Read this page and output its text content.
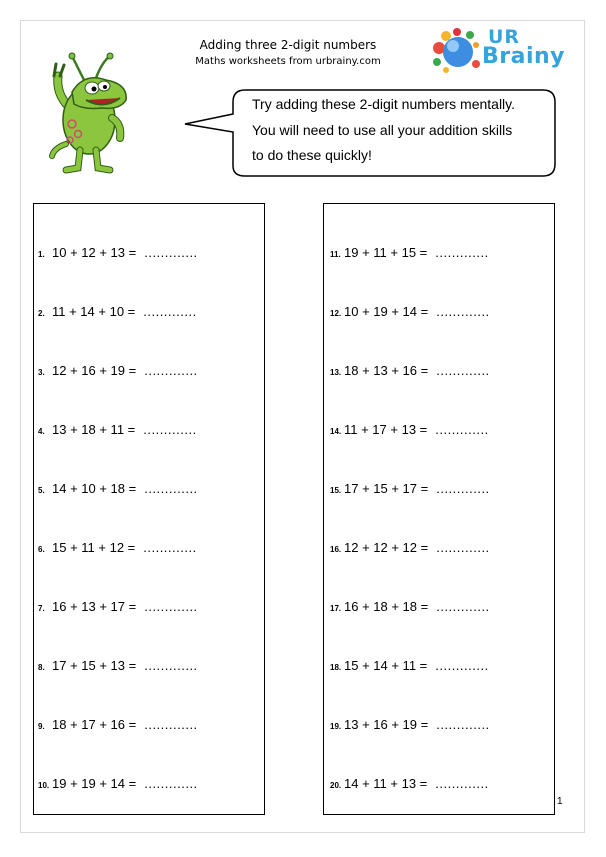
Adding three 2-digit numbers
Maths worksheets from urbrainy.com
UR
Brainy
Try adding these 2-digit numbers mentally.
You will need to use all your addition skills
to do these quickly!
1. 10 + 12 + 13 = .............
2. 11 + 14 + 10 = .............
3. 12 + 16 + 19 = .............
4. 13 + 18 + 11 = .............
5. 14 + 10 + 18 = .............
6. 15 + 11 + 12 = .............
7. 16 + 13 + 17 = .............
8. 17 + 15 + 13 = .............
9. 18 + 17 + 16 = .............
10. 19 + 19 + 14 = .............
11. 19 + 11 + 15 = .............
12. 10 + 19 + 14 = .............
13. 18 + 13 + 16 = .............
14. 11 + 17 + 13 = .............
15. 17 + 15 + 17 = .............
16. 12 + 12 + 12 = .............
17. 16 + 18 + 18 = .............
18. 15 + 14 + 11 = .............
19. 13 + 16 + 19 = .............
20. 14 + 11 + 13 = .............
1
